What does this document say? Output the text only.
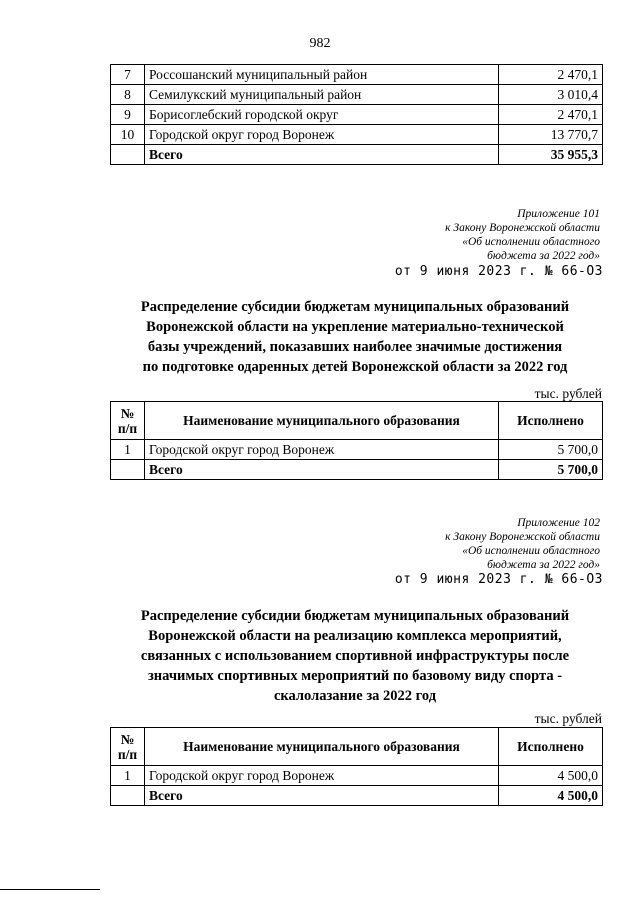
982
7	Россошанский муниципальный район	2 470,1
8	Семилукский муниципальный район	3 010,4
9	Борисоглебский городской округ	2 470,1
10	Городской округ город Воронеж	13 770,7
	Всего	35 955,3
Приложение 101
к Закону Воронежской области
«Об исполнении областного
бюджета за 2022 год»
от 9 июня 2023 г. № 66-ОЗ
Распределение субсидии бюджетам муниципальных образований
Воронежской области на укрепление материально-технической
базы учреждений, показавших наиболее значимые достижения
по подготовке одаренных детей Воронежской области за 2022 год
тыс. рублей
№ п/п	Наименование муниципального образования	Исполнено
1	Городской округ город Воронеж	5 700,0
	Всего	5 700,0
Приложение 102
к Закону Воронежской области
«Об исполнении областного
бюджета за 2022 год»
от 9 июня 2023 г. № 66-ОЗ
Распределение субсидии бюджетам муниципальных образований
Воронежской области на реализацию комплекса мероприятий,
связанных с использованием спортивной инфраструктуры после
значимых спортивных мероприятий по базовому виду спорта -
скалолазание за 2022 год
тыс. рублей
№ п/п	Наименование муниципального образования	Исполнено
1	Городской округ город Воронеж	4 500,0
	Всего	4 500,0
